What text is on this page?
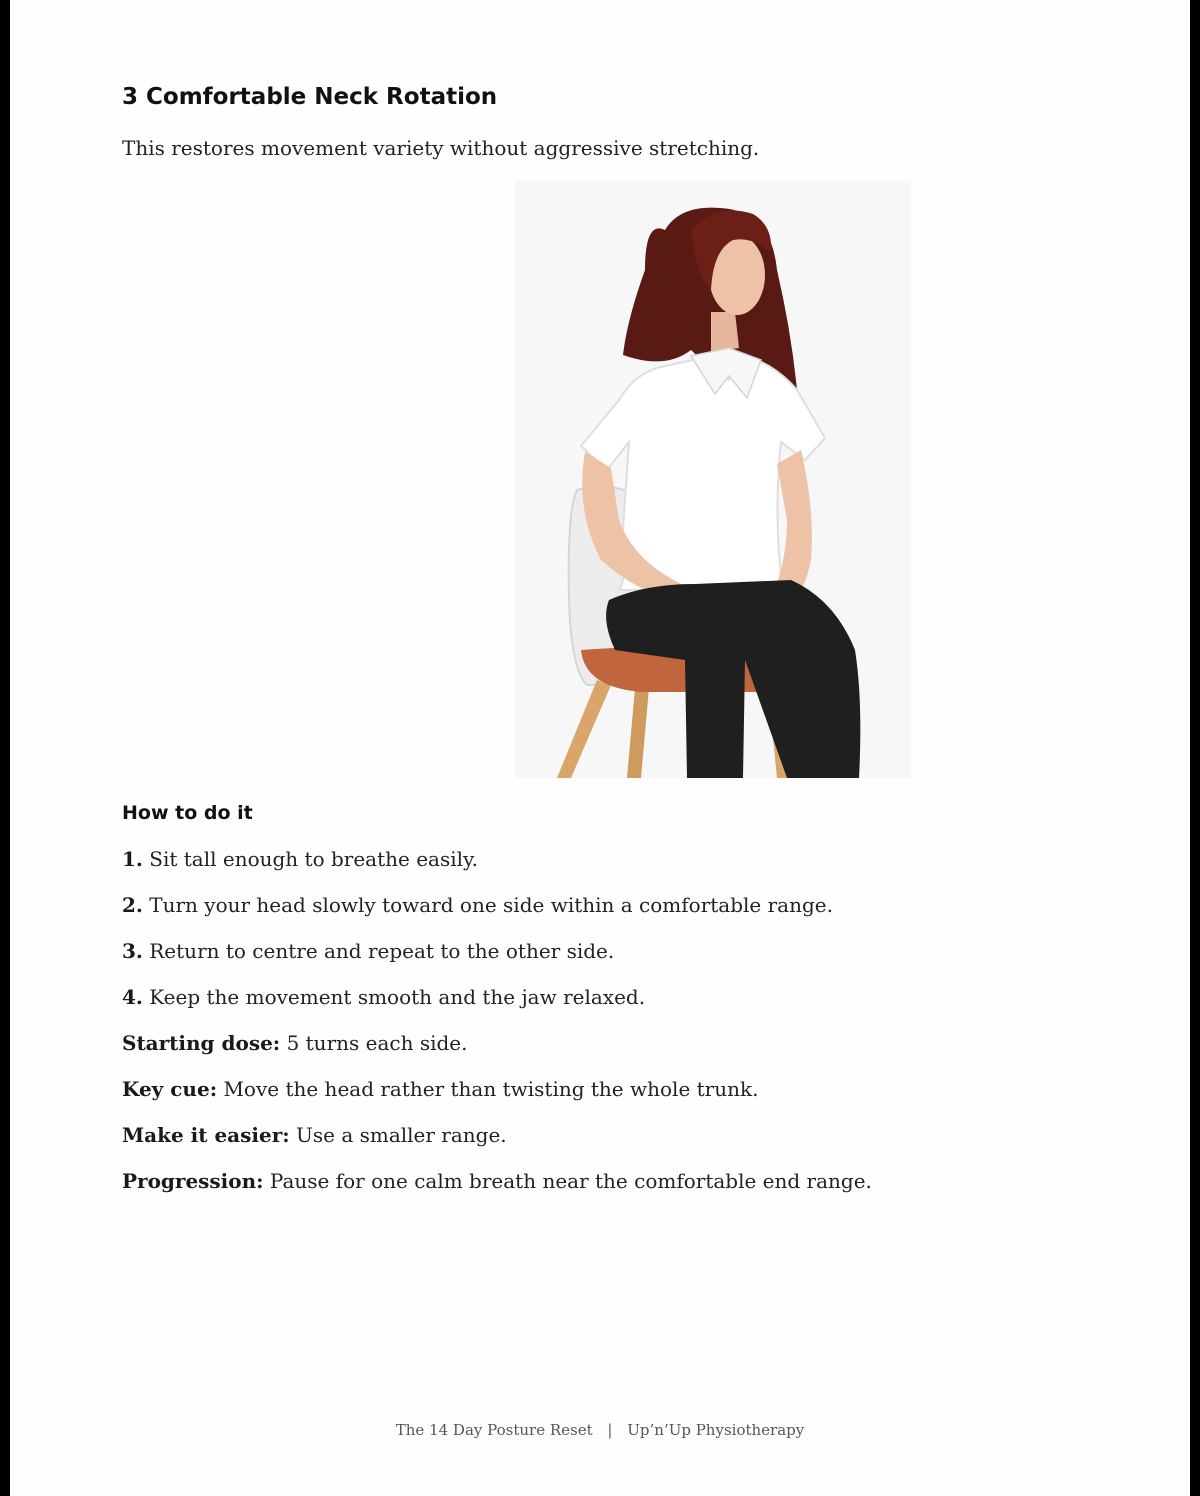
3 Comfortable Neck Rotation

This restores movement variety without aggressive stretching.

How to do it

1. Sit tall enough to breathe easily.

2. Turn your head slowly toward one side within a comfortable range.

3. Return to centre and repeat to the other side.

4. Keep the movement smooth and the jaw relaxed.

Starting dose: 5 turns each side.

Key cue: Move the head rather than twisting the whole trunk.

Make it easier: Use a smaller range.

Progression: Pause for one calm breath near the comfortable end range.

The 14 Day Posture Reset | Up’n’Up Physiotherapy
